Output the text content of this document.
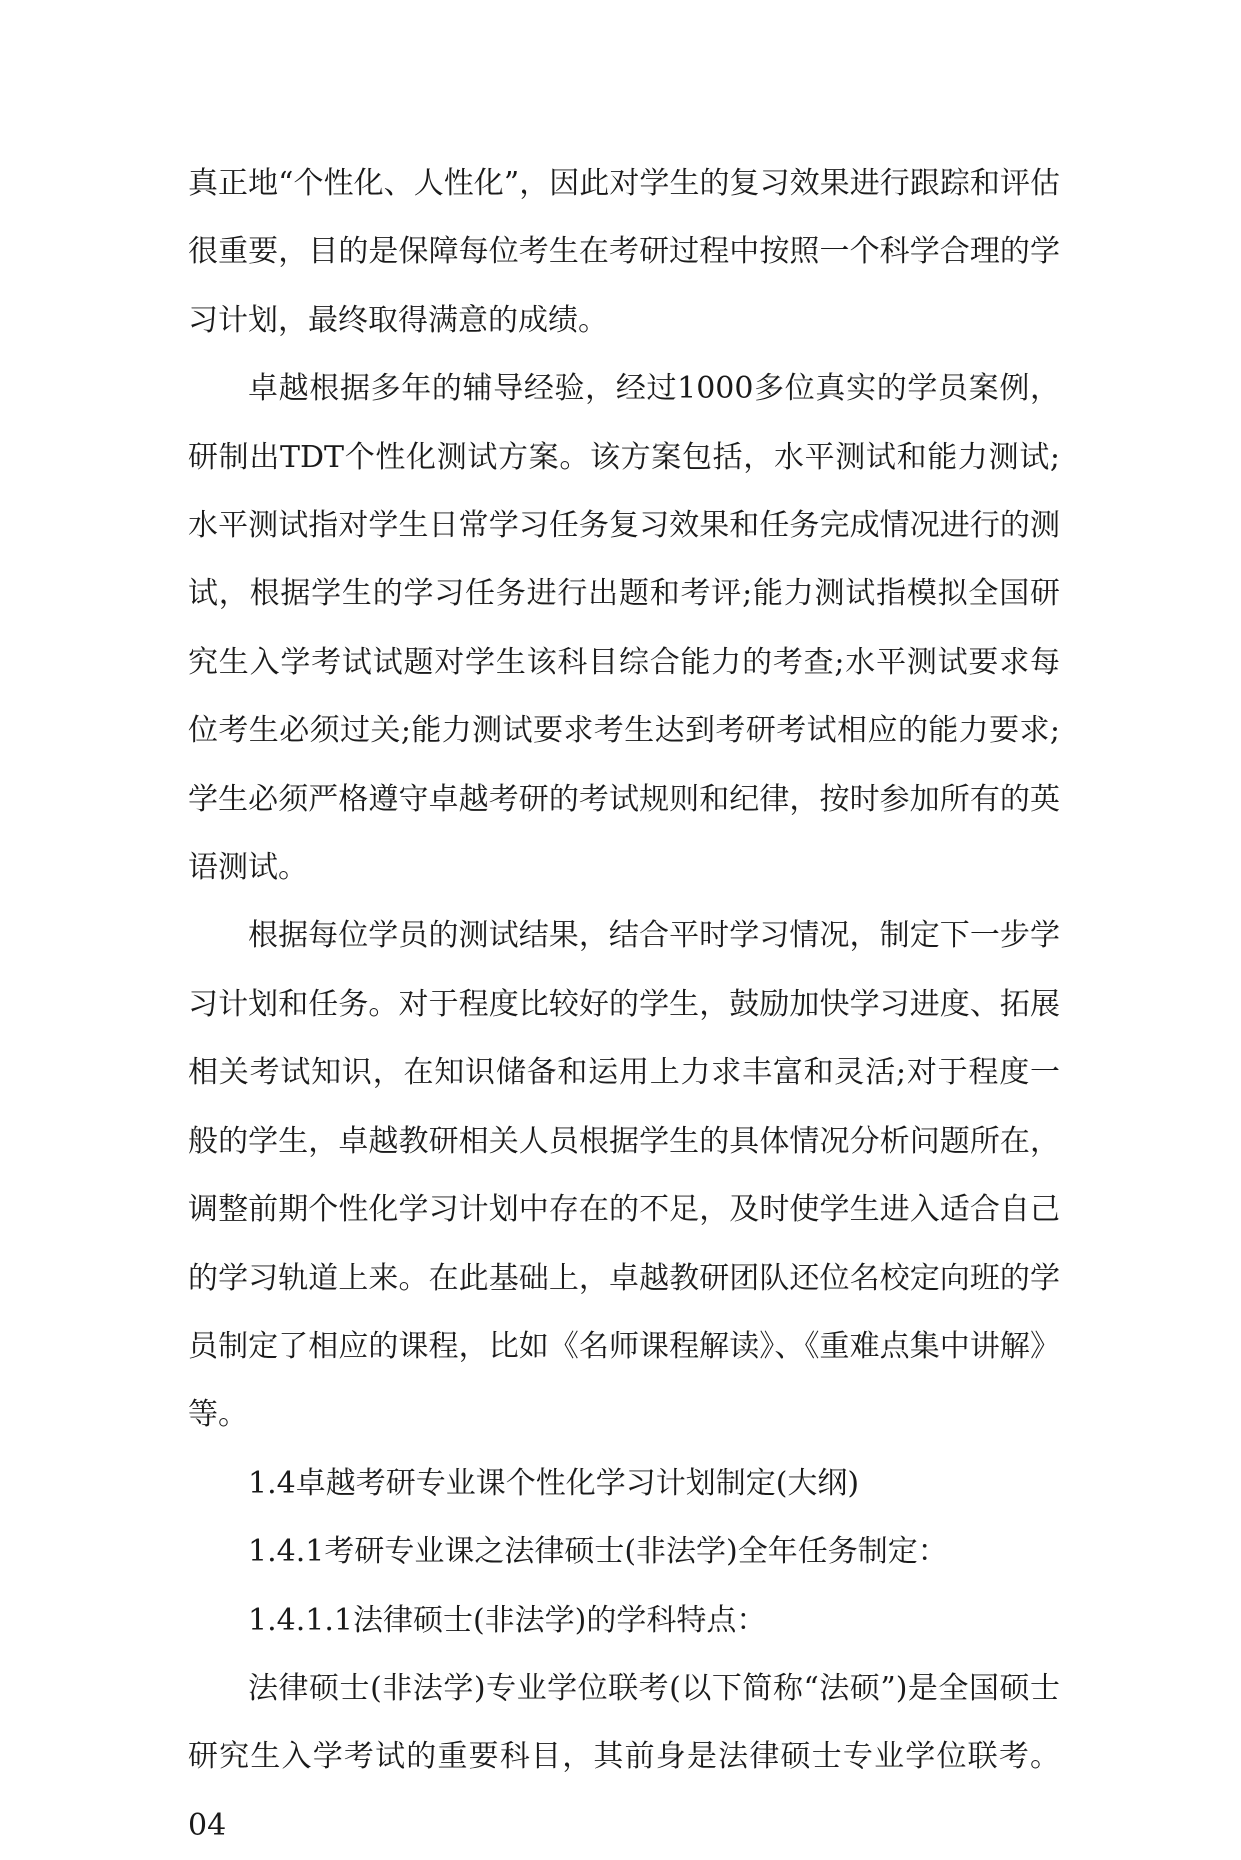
真正地“个性化、人性化”，因此对学生的复习效果进行跟踪和评估很重要，目的是保障每位考生在考研过程中按照一个科学合理的学习计划，最终取得满意的成绩。

卓越根据多年的辅导经验，经过1000多位真实的学员案例，研制出TDT个性化测试方案。该方案包括，水平测试和能力测试;水平测试指对学生日常学习任务复习效果和任务完成情况进行的测试，根据学生的学习任务进行出题和考评;能力测试指模拟全国研究生入学考试试题对学生该科目综合能力的考查;水平测试要求每位考生必须过关;能力测试要求考生达到考研考试相应的能力要求;学生必须严格遵守卓越考研的考试规则和纪律，按时参加所有的英语测试。

根据每位学员的测试结果，结合平时学习情况，制定下一步学习计划和任务。对于程度比较好的学生，鼓励加快学习进度、拓展相关考试知识，在知识储备和运用上力求丰富和灵活;对于程度一般的学生，卓越教研相关人员根据学生的具体情况分析问题所在，调整前期个性化学习计划中存在的不足，及时使学生进入适合自己的学习轨道上来。在此基础上，卓越教研团队还位名校定向班的学员制定了相应的课程，比如《名师课程解读》、《重难点集中讲解》等。

1.4卓越考研专业课个性化学习计划制定(大纲)

1.4.1考研专业课之法律硕士(非法学)全年任务制定：

1.4.1.1法律硕士(非法学)的学科特点：

法律硕士(非法学)专业学位联考(以下简称“法硕”)是全国硕士研究生入学考试的重要科目，其前身是法律硕士专业学位联考。04
